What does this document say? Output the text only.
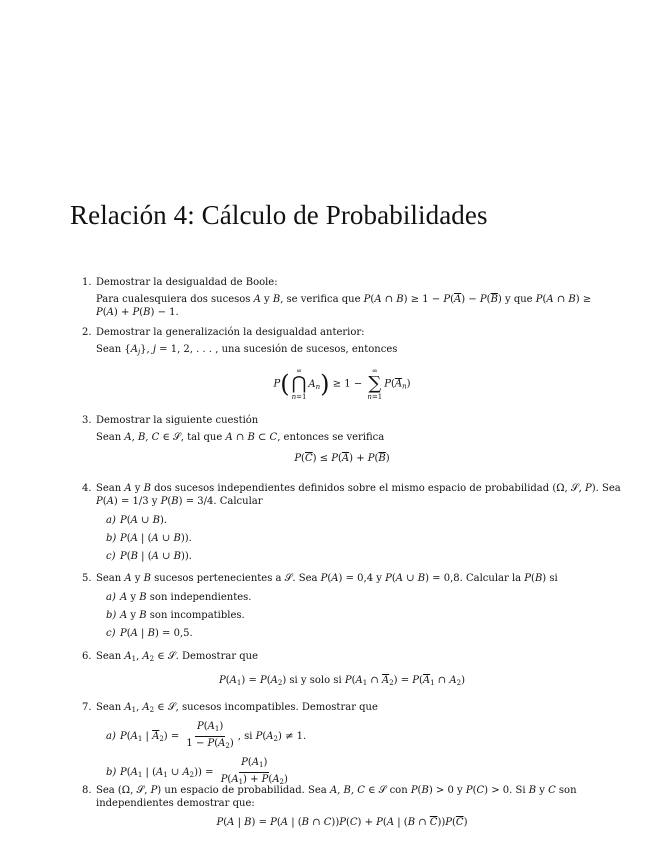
Relación 4: Cálculo de Probabilidades
1. Demostrar la desigualdad de Boole:

Para cualesquiera dos sucesos A y B, se verifica que P(A ∩ $B) \ge 1 - P(\overline{A}) - P(\overline{B})$ y que P(A ∩ B) ≥
P(A) + P(B) − 1.

2. Demostrar la generalización la desigualdad anterior:

Sean $\{A_j\}$, j = 1, 2, . . . , una sucesión de sucesos, entonces

P( ∞
⋂
n=1
$A_n) \ge 1$ −
∞
∑
n=1
$P(\overline{A}_n)$
3. Demostrar la siguiente cuestión

Sean A, B, C ∈ 𝒮, tal que A ∩ B ⊂ C, entonces se verifica

$P(\overline{C}) \le P(\overline{A}) + P(\overline{B})$
4. Sean A y B dos sucesos independientes definidos sobre el mismo espacio de probabilidad (Ω, 𝒮, P). Sea
P(A) = 1/3 y P(B) = 3/4. Calcular

a) P(A ∪ B).
b) P(A | (A ∪ B)).
c) P(B | (A ∪ B)).
5. Sean A y B sucesos pertenecientes a 𝒮. Sea P(A) = 0,4 y P(A ∪ B) = 0,8. Calcular la P(B) si

a) A y B son independientes.
b) A y B son incompatibles.
c) P(A | B) = 0,5.
6. Sean $A_1$, $A_2$ ∈ 𝒮. Demostrar que

$P(A_1) = P(A_2)$ si y solo si $P(A_1$ ∩ $\overline{A}_2) = P(\overline{A}_1$ ∩ $A_2$)
7. Sean $A_1$, $A_2$ ∈ 𝒮, sucesos incompatibles. Demostrar que

a) $P(A_1$ | $\overline{A}_2) = \frac{P(A_1)}{1 - P(A_2)}$ , si $P(A_2) \ne 1$.
b) $P(A_1$ | ($A_1$ ∪ $A_2)) = \frac{P(A_1)}{P(A_1) + P(A_2)}$
8. Sea (Ω, 𝒮, P) un espacio de probabilidad. Sea A, B, C ∈ 𝒮 con P(B) > 0 y P(C) > 0. Si B y C son
independientes demostrar que:

P(A | B) = P(A | (B ∩ C))P(C) + P(A | (B ∩ $\overline{C}))P(\overline{C})$
